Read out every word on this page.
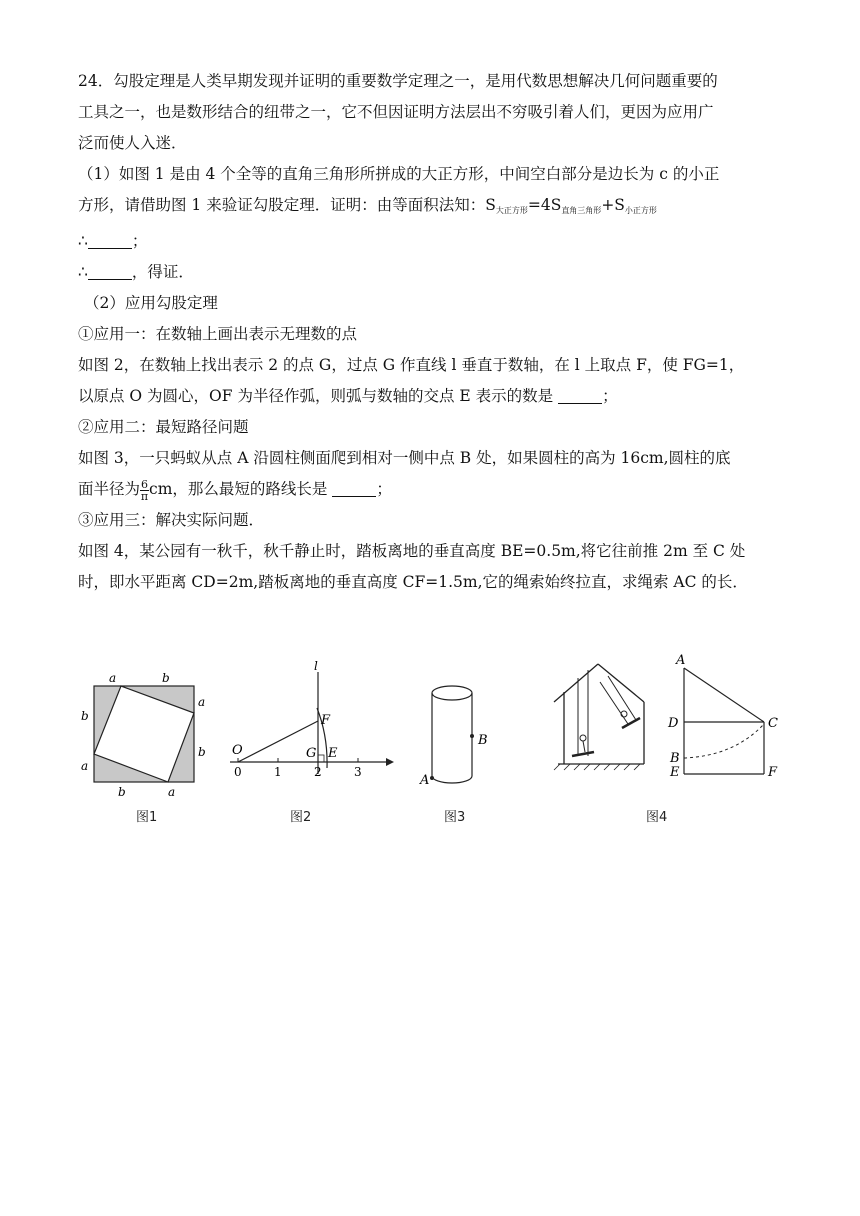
24．勾股定理是人类早期发现并证明的重要数学定理之一，是用代数思想解决几何问题重要的

工具之一，也是数形结合的纽带之一，它不但因证明方法层出不穷吸引着人们，更因为应用广

泛而使人入迷．

（1）如图 1 是由 4 个全等的直角三角形所拼成的大正方形，中间空白部分是边长为 c 的小正

方形，请借助图 1 来验证勾股定理．证明：由等面积法知：S大正方形=4S直角三角形+S小正方形

∴	；

∴	，得证．

（2）应用勾股定理

①应用一：在数轴上画出表示无理数的点

如图 2，在数轴上找出表示 2 的点 G，过点 G 作直线 l 垂直于数轴，在 l 上取点 F，使 FG=1，

以原点 O 为圆心，OF 为半径作弧，则弧与数轴的交点 E 表示的数是	；

②应用二：最短路径问题

如图 3，一只蚂蚁从点 A 沿圆柱侧面爬到相对一侧中点 B 处，如果圆柱的高为 16cm,圆柱的底

面半径为 $\frac{6}{\pi}$ cm，那么最短的路线长是	；

③应用三：解决实际问题．

如图 4，某公园有一秋千，秋千静止时，踏板离地的垂直高度 BE=0.5m,将它往前推 2m 至 C 处

时，即水平距离 CD=2m,踏板离地的垂直高度 CF=1.5m,它的绳索始终拉直，求绳索 AC 的长．

a	b
b
a
a
b
b	a
图1
l
O
F
G E
0	1	2	3
图2
A
B
图3
A
D	C
B
E	F
图4
